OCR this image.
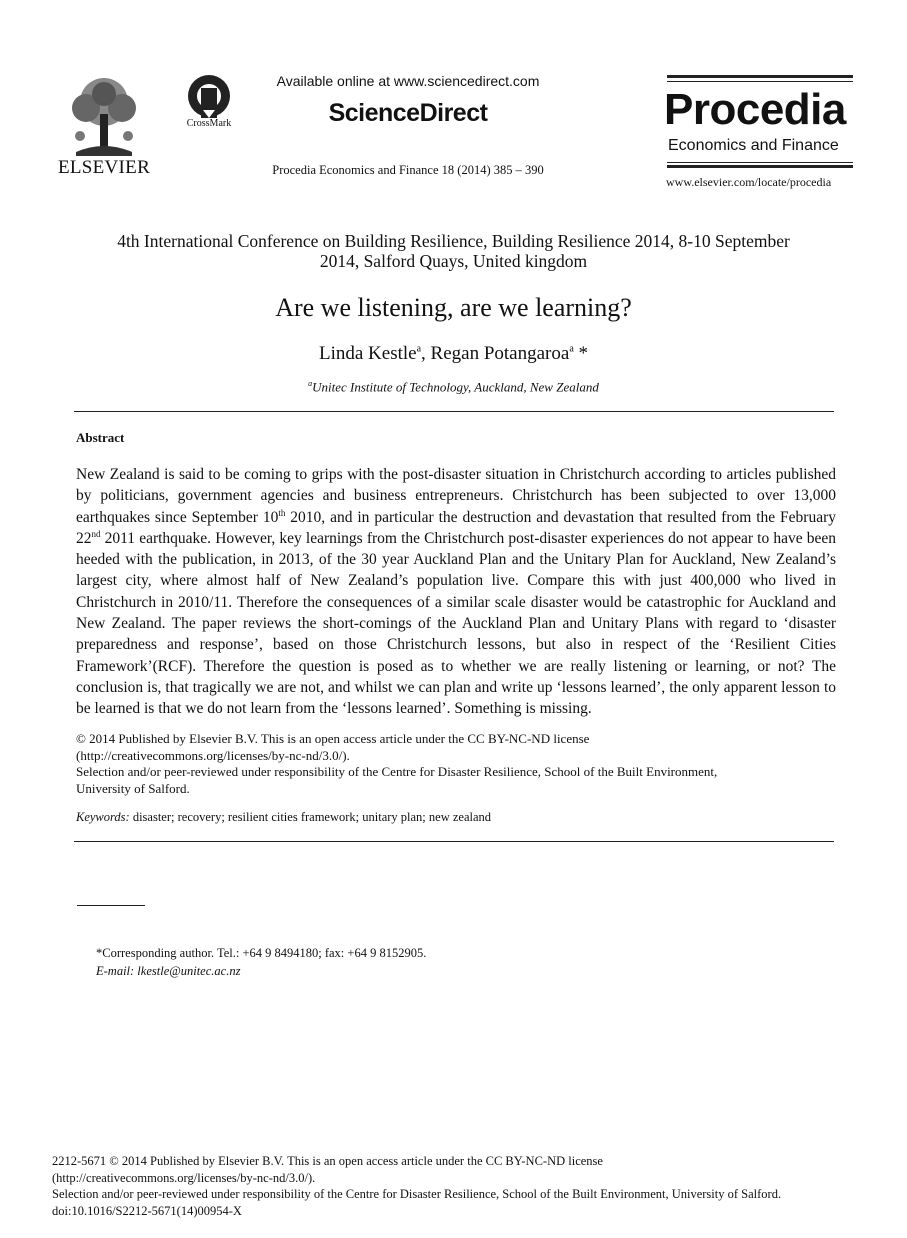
ELSEVIER
CrossMark
Available online at www.sciencedirect.com
ScienceDirect
Procedia Economics and Finance 18 (2014) 385 – 390
Procedia
Economics and Finance
www.elsevier.com/locate/procedia
4th International Conference on Building Resilience, Building Resilience 2014, 8-10 September
2014, Salford Quays, United kingdom
Are we listening, are we learning?
Linda Kestle$^a$, Regan Potangaroa$^a$ *
$^a$Unitec Institute of Technology, Auckland, New Zealand
Abstract
New Zealand is said to be coming to grips with the post-disaster situation in Christchurch according to articles published by politicians, government agencies and business entrepreneurs. Christchurch has been subjected to over 13,000 earthquakes since September 10th 2010, and in particular the destruction and devastation that resulted from the February 22nd 2011 earthquake. However, key learnings from the Christchurch post-disaster experiences do not appear to have been heeded with the publication, in 2013, of the 30 year Auckland Plan and the Unitary Plan for Auckland, New Zealand’s largest city, where almost half of New Zealand’s population live. Compare this with just 400,000 who lived in Christchurch in 2010/11. Therefore the consequences of a similar scale disaster would be catastrophic for Auckland and New Zealand. The paper reviews the short-comings of the Auckland Plan and Unitary Plans with regard to ‘disaster preparedness and response’, based on those Christchurch lessons, but also in respect of the ‘Resilient Cities Framework’(RCF). Therefore the question is posed as to whether we are really listening or learning, or not? The conclusion is, that tragically we are not, and whilst we can plan and write up ‘lessons learned’, the only apparent lesson to be learned is that we do not learn from the ‘lessons learned’. Something is missing.
© 2014 Published by Elsevier B.V. This is an open access article under the CC BY-NC-ND license
(http://creativecommons.org/licenses/by-nc-nd/3.0/).
Selection and/or peer-reviewed under responsibility of the Centre for Disaster Resilience, School of the Built Environment,
University of Salford.
Keywords: disaster; recovery; resilient cities framework; unitary plan; new zealand
*Corresponding author. Tel.: +64 9 8494180; fax: +64 9 8152905.
E-mail: lkestle@unitec.ac.nz
2212-5671 © 2014 Published by Elsevier B.V. This is an open access article under the CC BY-NC-ND license
(http://creativecommons.org/licenses/by-nc-nd/3.0/).
Selection and/or peer-reviewed under responsibility of the Centre for Disaster Resilience, School of the Built Environment, University of Salford.
doi:10.1016/S2212-5671(14)00954-X
